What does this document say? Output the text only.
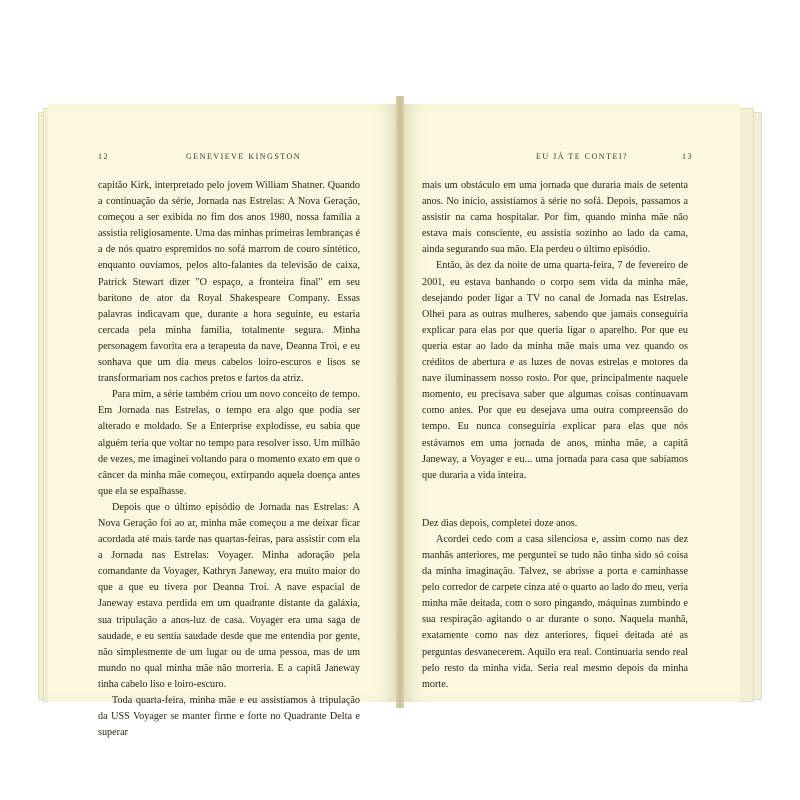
12	GENEVIEVE KINGSTON	EU JÁ TE CONTEI?	13

capitão Kirk, interpretado pelo jovem William Shatner. Quando a continuação da série, Jornada nas Estrelas: A Nova Geração, começou a ser exibida no fim dos anos 1980, nossa família a assistia religiosamente. Uma das minhas primeiras lembranças é a de nós quatro espremidos no sofá marrom de couro sintético, enquanto ouvíamos, pelos alto-falantes da televisão de caixa, Patrick Stewart dizer "O espaço, a fronteira final" em seu barítono de ator da Royal Shakespeare Company. Essas palavras indicavam que, durante a hora seguinte, eu estaria cercada pela minha família, totalmente segura. Minha personagem favorita era a terapeuta da nave, Deanna Troi, e eu sonhava que um dia meus cabelos loiro-escuros e lisos se transformariam nos cachos pretos e fartos da atriz.

Para mim, a série também criou um novo conceito de tempo. Em Jornada nas Estrelas, o tempo era algo que podia ser alterado e moldado. Se a Enterprise explodisse, eu sabia que alguém teria que voltar no tempo para resolver isso. Um milhão de vezes, me imaginei voltando para o momento exato em que o câncer da minha mãe começou, extirpando aquela doença antes que ela se espalhasse.

Depois que o último episódio de Jornada nas Estrelas: A Nova Geração foi ao ar, minha mãe começou a me deixar ficar acordada até mais tarde nas quartas-feiras, para assistir com ela a Jornada nas Estrelas: Voyager. Minha adoração pela comandante da Voyager, Kathryn Janeway, era muito maior do que a que eu tivera por Deanna Troi. A nave espacial de Janeway estava perdida em um quadrante distante da galáxia, sua tripulação a anos-luz de casa. Voyager era uma saga de saudade, e eu sentia saudade desde que me entendia por gente, não simplesmente de um lugar ou de uma pessoa, mas de um mundo no qual minha mãe não morreria. E a capitã Janeway tinha cabelo liso e loiro-escuro.

Toda quarta-feira, minha mãe e eu assistíamos à tripulação da USS Voyager se manter firme e forte no Quadrante Delta e superar

mais um obstáculo em uma jornada que duraria mais de setenta anos. No início, assistíamos à série no sofá. Depois, passamos a assistir na cama hospitalar. Por fim, quando minha mãe não estava mais consciente, eu assistia sozinho ao lado da cama, ainda segurando sua mão. Ela perdeu o último episódio.

Então, às dez da noite de uma quarta-feira, 7 de fevereiro de 2001, eu estava banhando o corpo sem vida da minha mãe, desejando poder ligar a TV no canal de Jornada nas Estrelas. Olhei para as outras mulheres, sabendo que jamais conseguiria explicar para elas por que queria ligar o aparelho. Por que eu queria estar ao lado da minha mãe mais uma vez quando os créditos de abertura e as luzes de novas estrelas e motores da nave iluminassem nosso rosto. Por que, principalmente naquele momento, eu precisava saber que algumas coisas continuavam como antes. Por que eu desejava uma outra compreensão do tempo. Eu nunca conseguiria explicar para elas que nós estávamos em uma jornada de anos, minha mãe, a capitã Janeway, a Voyager e eu... uma jornada para casa que sabíamos que duraria a vida inteira.

Dez dias depois, completei doze anos.

Acordei cedo com a casa silenciosa e, assim como nas dez manhãs anteriores, me perguntei se tudo não tinha sido só coisa da minha imaginação. Talvez, se abrisse a porta e caminhasse pelo corredor de carpete cinza até o quarto ao lado do meu, veria minha mãe deitada, com o soro pingando, máquinas zumbindo e sua respiração agitando o ar durante o sono. Naquela manhã, exatamente como nas dez anteriores, fiquei deitada até as perguntas desvanecerem. Aquilo era real. Continuaria sendo real pelo resto da minha vida. Seria real mesmo depois da minha morte.
